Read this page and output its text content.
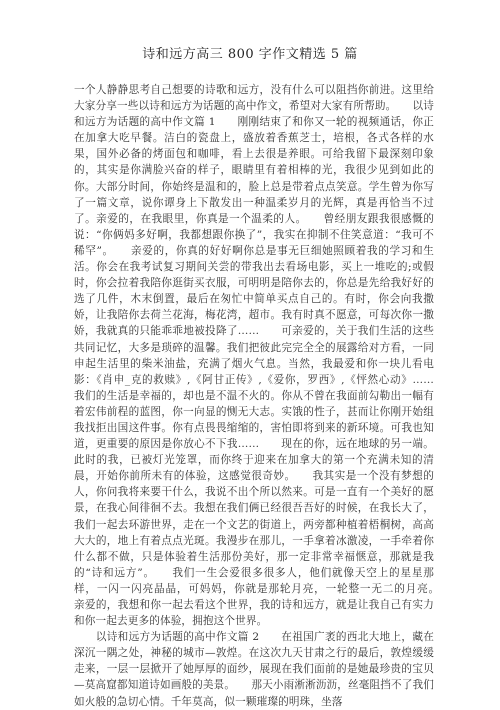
诗和远方高三 800 字作文精选 5 篇

一个人静静思考自己想要的诗歌和远方，没有什么可以阻挡你前进。这里给大家分享一些以诗和远方为话题的高中作文，希望对大家有所帮助。　　以诗和远方为话题的高中作文篇 1　　刚刚结束了和你又一轮的视频通话，你正在加拿大吃早餐。洁白的瓷盘上，盛放着香蕉芝士，培根，各式各样的水果，国外必备的烤面包和咖啡，看上去很是养眼。可给我留下最深刻印象的，其实是你满脸兴奋的样子，眼睛里有着相棒的光，我很少见到如此的你。大部分时间，你始终是温和的，脸上总是带着点点笑意。学生曾为你写了一篇文章，说你谭身上下散发出一种温柔岁月的光辉，真是再恰当不过了。亲爱的，在我眼里，你真是一个温柔的人。　　曾经朋友跟我很感慨的说：“你俩妈多好啊，我都想跟你换了”，我实在抑制不住笑意道：“我可不稀罕”。　　亲爱的，你真的好好啊你总是事无巨细她照顾着我的学习和生活。你会在我考试复习期间关尝的带我出去看场电影，买上一堆吃的;或假时，你会拉着我陪你逛街买衣服，可明明是陪你去的，你总是先给我好好的选了几件，木末倒置，最后在匆忙中简单买点自己的。有时，你会向我撒娇，让我陪你去荷兰花海，梅花湾，超市。我有时真不愿意，可每次你一撒娇，我就真的只能乖乖地被投降了……　　可亲爱的，关于我们生活的这些共同记忆，大多是琐碎的温馨。我们把彼此完完全全的展露给对方看，一同申起生活里的柴米油盐，充满了烟火气息。当然，我最爱和你一块儿看电影：《肖申_克的救赎》,《阿甘正传》,《爱你，罗西》,《怦然心动》……　　我们的生活是幸福的，却也是不温不火的。你从不曾在我面前勾勒出一幅有着宏伟前程的蓝图，你一向显的恻无大志。实饿的性子，甚而让你刚开始组我找拒出国这件事。你有点畏畏缩缩的，害怕即将到来的新环境。可我也知道，更重要的原因是你放心不下我……　　现在的你，远在地球的另一端。此时的我，已被灯光笼罩，而你终于迎来在加拿大的第一个充满未知的清晨，开始你前所未有的体验，这感觉很奇妙。　　我其实是一个没有梦想的人，你问我将来要干什么，我说不出个所以然来。可是一直有一个美好的愿景，在我心间徘徊不去。我想在我们俩已经很吾吾好的时候，在我长大了，我们一起去环游世界，走在一个文艺的街道上，两旁都种植着梧桐树，高高大大的，地上有着点点光斑。我漫步在那儿，一手拿着冰激凌，一手牵着你什么都不做，只是体验着生活那份美好，那一定非常幸福惬意，那就是我的“诗和远方”。　　我们一生会爱很多很多人，他们就像天空上的星星那样，一闪一闪亮晶晶，可妈妈，你就是那轮月亮，一轮整一无二的月亮。　　亲爱的，我想和你一起去看这个世界，我的诗和远方，就是让我自己有实力和你一起去更多的体验，拥抱这个世界。

　　以诗和远方为话题的高中作文篇 2　　在祖国广袤的西北大地上，藏在深沉一隅之处，神秘的城市—敦煌。在这次九天甘肃之行的最后，敦煌缓缓走来，一层一层掀开了她厚厚的面纱，展现在我们面前的是她最珍贵的宝贝—莫高窟都知道诗如画般的美景。　　那天小雨淅淅沥沥，丝毫阻挡不了我们如火般的急切心情。千年莫高，似一颗璀璨的明珠，坐落
